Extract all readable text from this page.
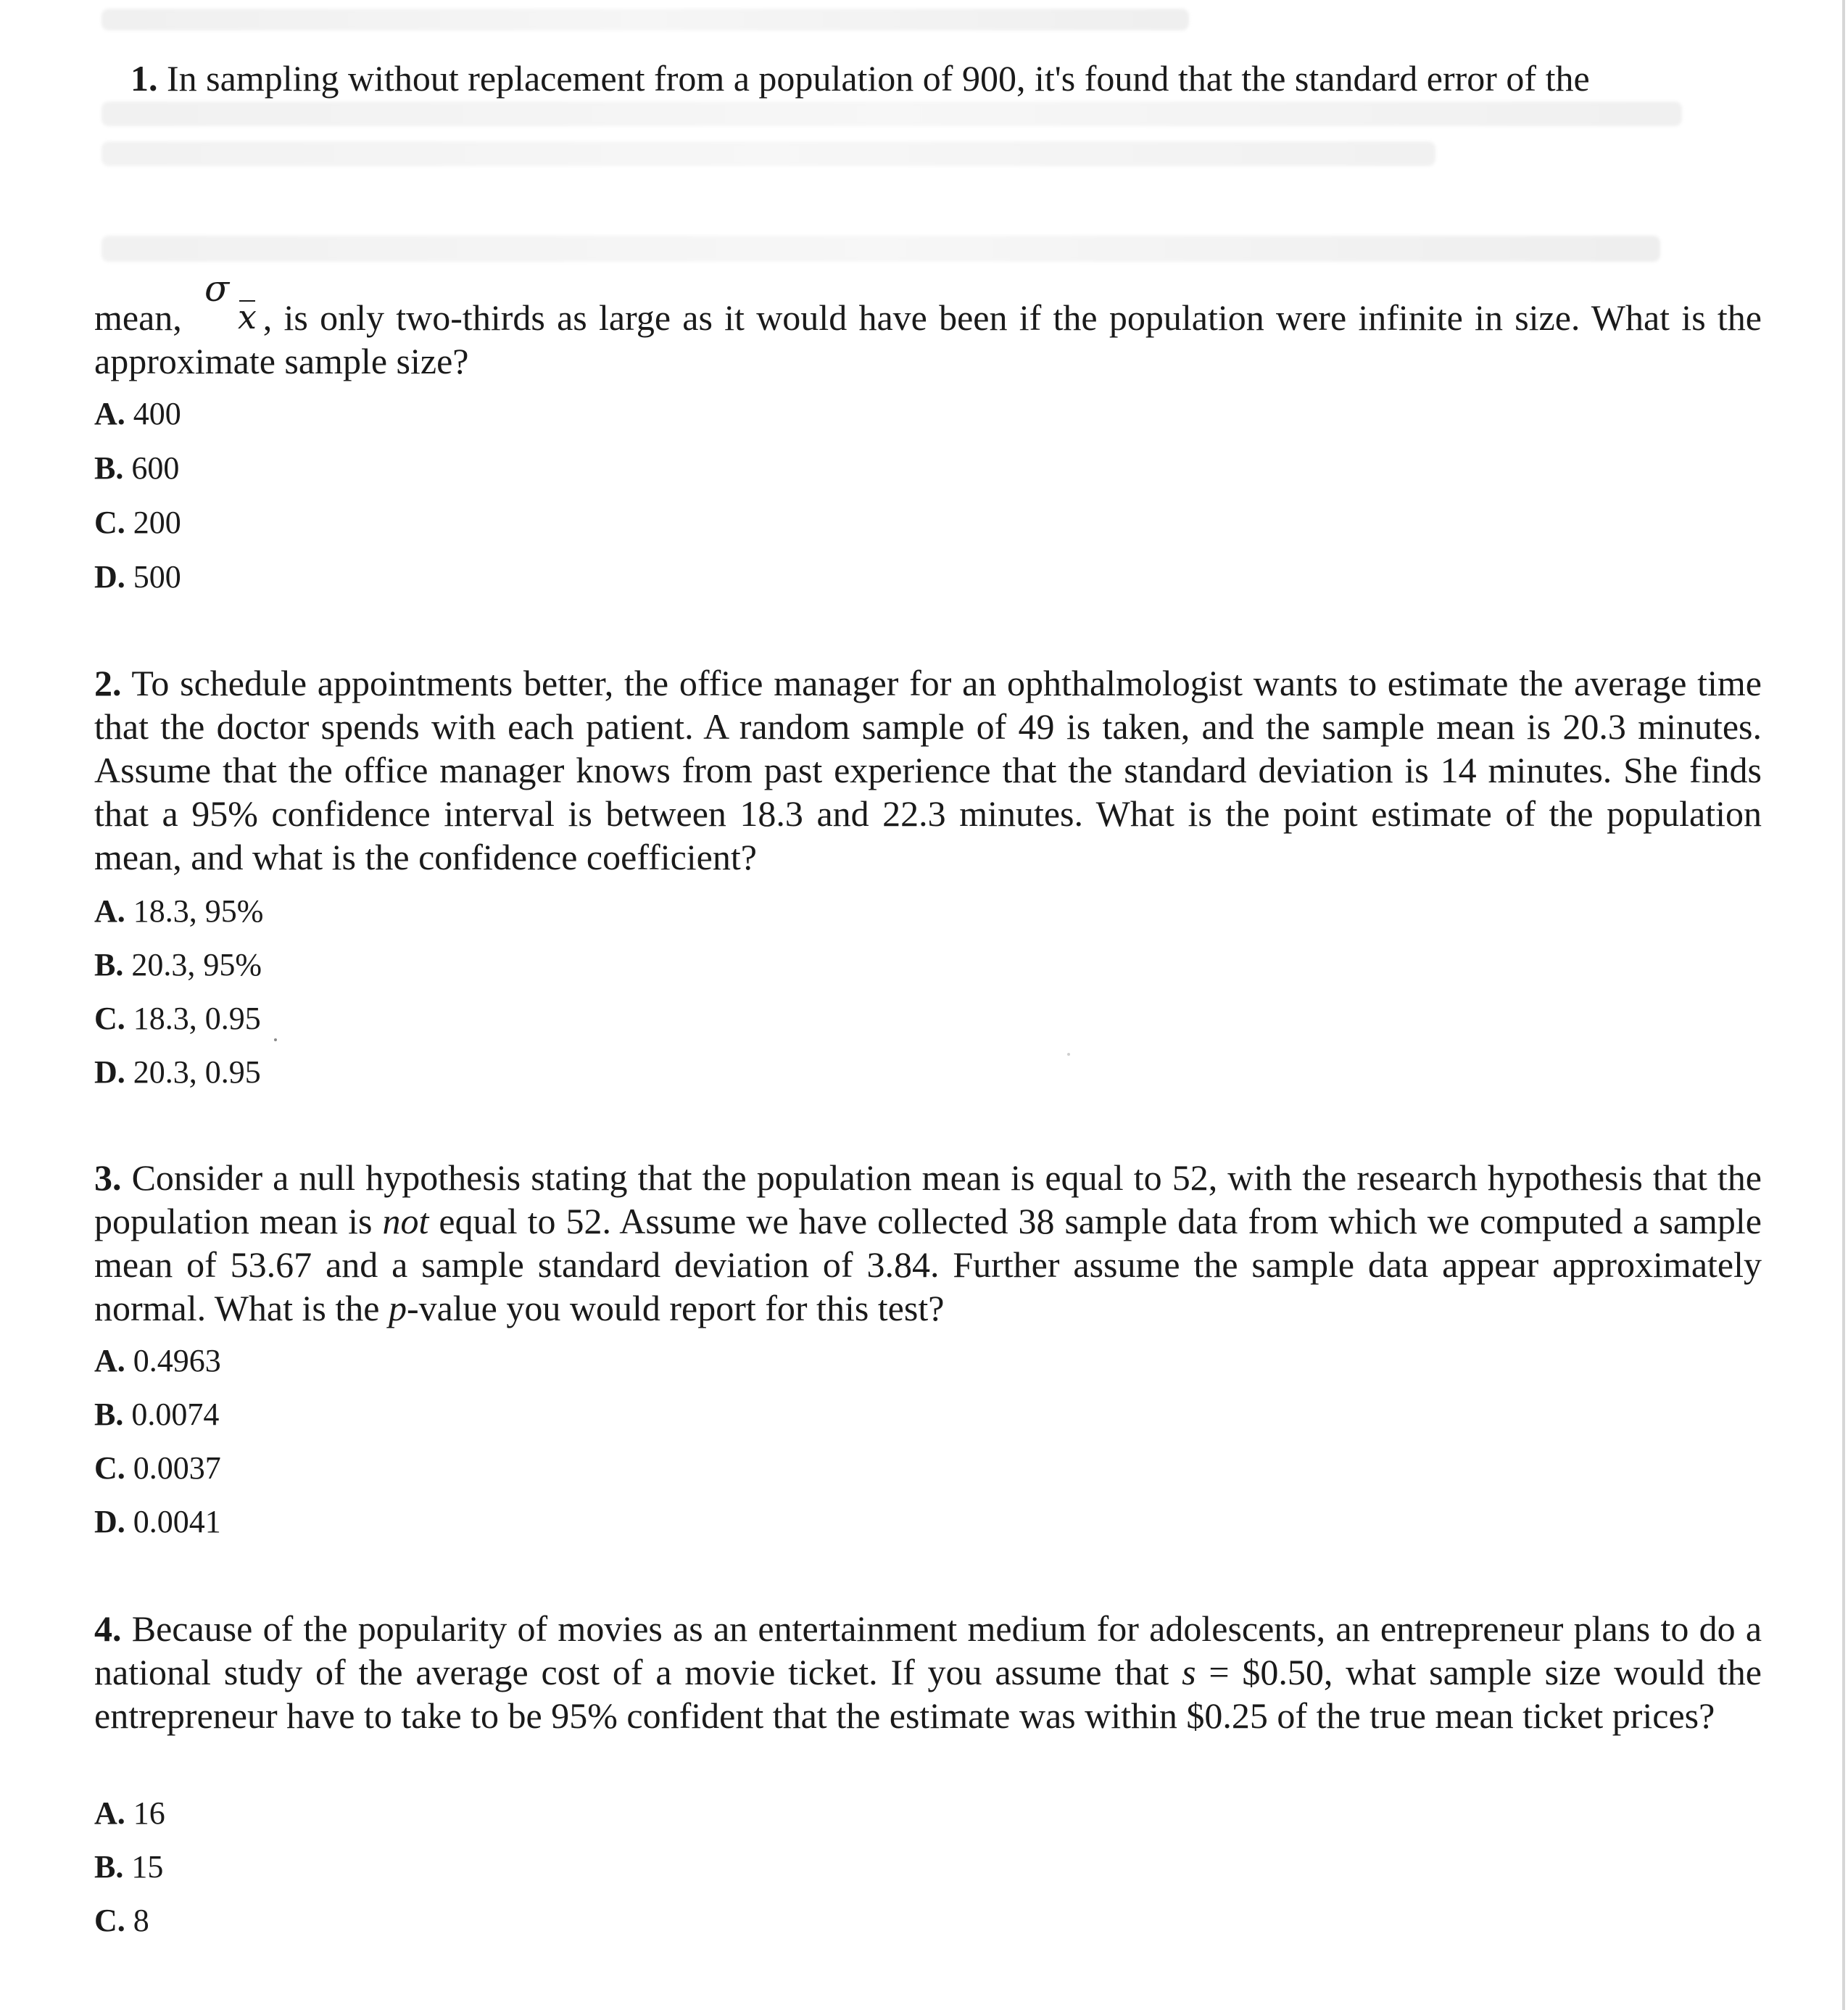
1. In sampling without replacement from a population of 900, it's found that the standard error of the
σ
x

mean, , is only two-thirds as large as it would have been if the population were infinite in size. What is the approximate sample size?

A. 400
B. 600
C. 200
D. 500

2. To schedule appointments better, the office manager for an ophthalmologist wants to estimate the average time that the doctor spends with each patient. A random sample of 49 is taken, and the sample mean is 20.3 minutes. Assume that the office manager knows from past experience that the standard deviation is 14 minutes. She finds that a 95% confidence interval is between 18.3 and 22.3 minutes. What is the point estimate of the population mean, and what is the confidence coefficient?

A. 18.3, 95%
B. 20.3, 95%
C. 18.3, 0.95
D. 20.3, 0.95

3. Consider a null hypothesis stating that the population mean is equal to 52, with the research hypothesis that the population mean is not equal to 52. Assume we have collected 38 sample data from which we computed a sample mean of 53.67 and a sample standard deviation of 3.84. Further assume the sample data appear approximately normal. What is the p-value you would report for this test?

A. 0.4963
B. 0.0074
C. 0.0037
D. 0.0041

4. Because of the popularity of movies as an entertainment medium for adolescents, an entrepreneur plans to do a national study of the average cost of a movie ticket. If you assume that s = $0.50, what sample size would the entrepreneur have to take to be 95% confident that the estimate was within $0.25 of the true mean ticket prices?

A. 16
B. 15
C. 8
